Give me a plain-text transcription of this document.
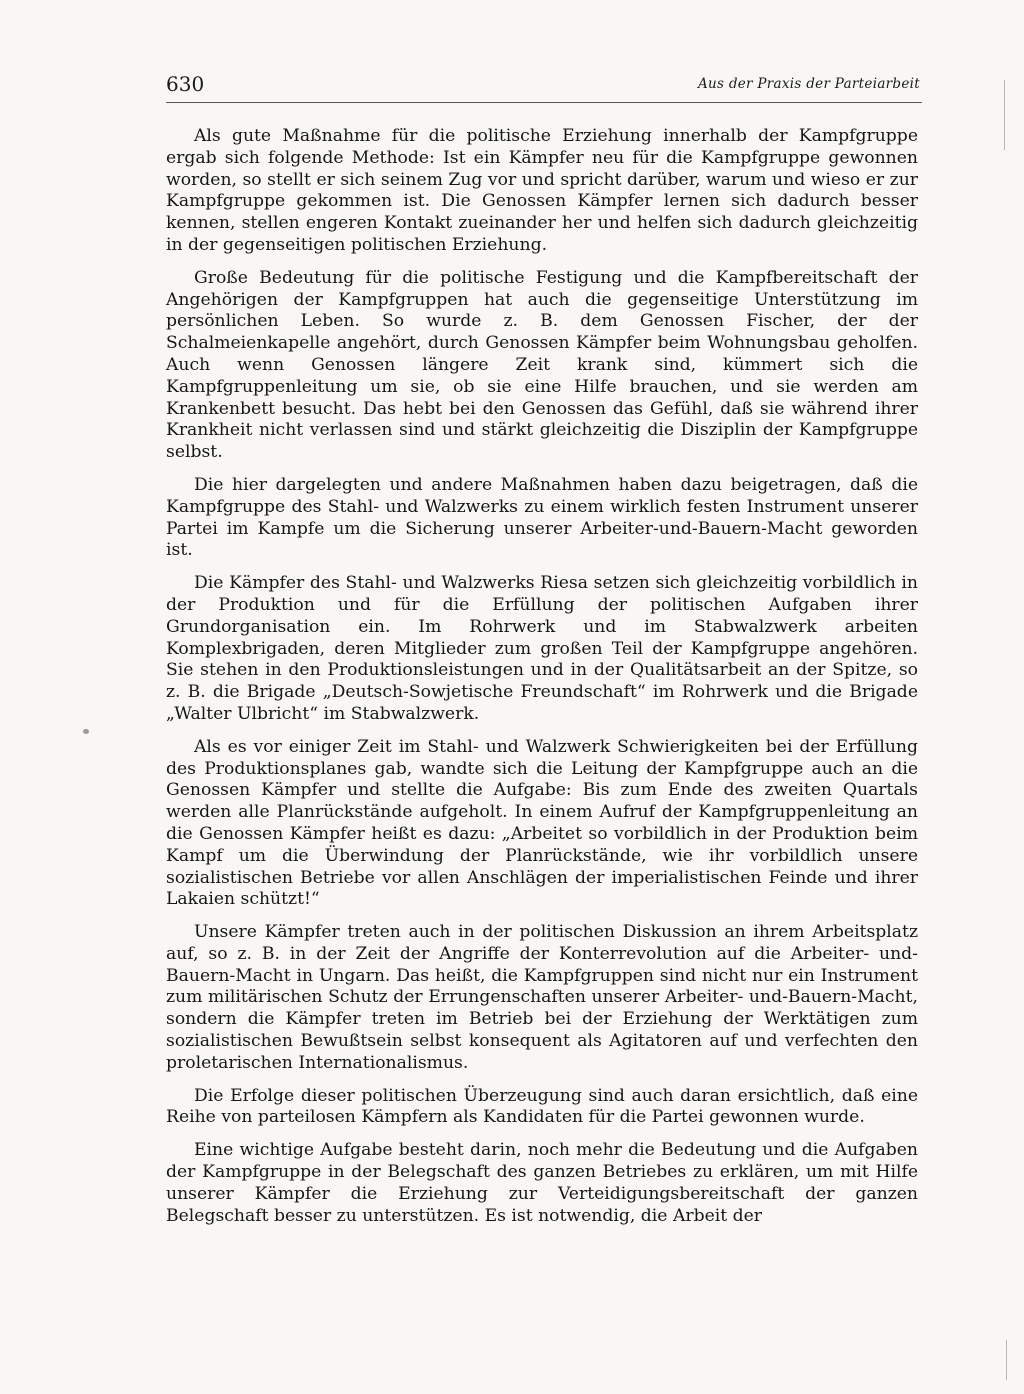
630	Aus der Praxis der Parteiarbeit

Als gute Maßnahme für die politische Erziehung innerhalb der Kampfgruppe ergab sich folgende Methode: Ist ein Kämpfer neu für die Kampfgruppe gewonnen worden, so stellt er sich seinem Zug vor und spricht darüber, warum und wieso er zur Kampfgruppe gekommen ist. Die Genossen Kämpfer lernen sich dadurch besser kennen, stellen engeren Kontakt zueinander her und helfen sich dadurch gleichzeitig in der gegenseitigen politischen Erziehung.

Große Bedeutung für die politische Festigung und die Kampfbereitschaft der Angehörigen der Kampfgruppen hat auch die gegenseitige Unterstützung im persönlichen Leben. So wurde z. B. dem Genossen Fischer, der der Schalmeienkapelle angehört, durch Genossen Kämpfer beim Wohnungsbau geholfen. Auch wenn Genossen längere Zeit krank sind, kümmert sich die Kampfgruppenleitung um sie, ob sie eine Hilfe brauchen, und sie werden am Krankenbett besucht. Das hebt bei den Genossen das Gefühl, daß sie während ihrer Krankheit nicht verlassen sind und stärkt gleichzeitig die Disziplin der Kampfgruppe selbst.

Die hier dargelegten und andere Maßnahmen haben dazu beigetragen, daß die Kampfgruppe des Stahl- und Walzwerks zu einem wirklich festen Instrument unserer Partei im Kampfe um die Sicherung unserer Arbeiter-und-Bauern-Macht geworden ist.

Die Kämpfer des Stahl- und Walzwerks Riesa setzen sich gleichzeitig vorbildlich in der Produktion und für die Erfüllung der politischen Aufgaben ihrer Grundorganisation ein. Im Rohrwerk und im Stabwalzwerk arbeiten Komplexbrigaden, deren Mitglieder zum großen Teil der Kampfgruppe angehören. Sie stehen in den Produktionsleistungen und in der Qualitätsarbeit an der Spitze, so z. B. die Brigade „Deutsch-Sowjetische Freundschaft“ im Rohrwerk und die Brigade „Walter Ulbricht“ im Stabwalzwerk.

Als es vor einiger Zeit im Stahl- und Walzwerk Schwierigkeiten bei der Erfüllung des Produktionsplanes gab, wandte sich die Leitung der Kampfgruppe auch an die Genossen Kämpfer und stellte die Aufgabe: Bis zum Ende des zweiten Quartals werden alle Planrückstände aufgeholt. In einem Aufruf der Kampfgruppenleitung an die Genossen Kämpfer heißt es dazu: „Arbeitet so vorbildlich in der Produktion beim Kampf um die Überwindung der Planrückstände, wie ihr vorbildlich unsere sozialistischen Betriebe vor allen Anschlägen der imperialistischen Feinde und ihrer Lakaien schützt!“

Unsere Kämpfer treten auch in der politischen Diskussion an ihrem Arbeitsplatz auf, so z. B. in der Zeit der Angriffe der Konterrevolution auf die Arbeiter- und-Bauern-Macht in Ungarn. Das heißt, die Kampfgruppen sind nicht nur ein Instrument zum militärischen Schutz der Errungenschaften unserer Arbeiter- und-Bauern-Macht, sondern die Kämpfer treten im Betrieb bei der Erziehung der Werktätigen zum sozialistischen Bewußtsein selbst konsequent als Agitatoren auf und verfechten den proletarischen Internationalismus.

Die Erfolge dieser politischen Überzeugung sind auch daran ersichtlich, daß eine Reihe von parteilosen Kämpfern als Kandidaten für die Partei gewonnen wurde.

Eine wichtige Aufgabe besteht darin, noch mehr die Bedeutung und die Aufgaben der Kampfgruppe in der Belegschaft des ganzen Betriebes zu erklären, um mit Hilfe unserer Kämpfer die Erziehung zur Verteidigungsbereitschaft der ganzen Belegschaft besser zu unterstützen. Es ist notwendig, die Arbeit der
